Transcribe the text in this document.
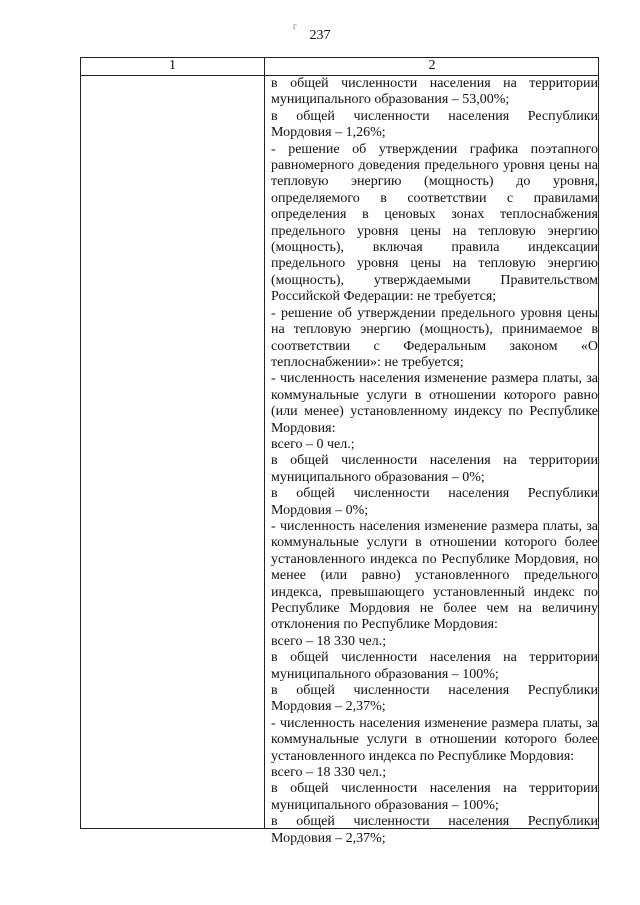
237
г
1	2

в общей численности населения на территории муниципального образования – 53,00%;

в общей численности населения Республики Мордовия – 1,26%;

- решение об утверждении графика поэтапного равномерного доведения предельного уровня цены на тепловую энергию (мощность) до уровня, определяемого в соответствии с правилами определения в ценовых зонах теплоснабжения предельного уровня цены на тепловую энергию (мощность), включая правила индексации предельного уровня цены на тепловую энергию (мощность), утверждаемыми Правительством Российской Федерации: не требуется;

- решение об утверждении предельного уровня цены на тепловую энергию (мощность), принимаемое в соответствии с Федеральным законом «О теплоснабжении»: не требуется;

- численность населения изменение размера платы, за коммунальные услуги в отношении которого равно (или менее) установленному индексу по Республике Мордовия:

всего – 0 чел.;

в общей численности населения на территории муниципального образования – 0%;

в общей численности населения Республики Мордовия – 0%;

- численность населения изменение размера платы, за коммунальные услуги в отношении которого более установленного индекса по Республике Мордовия, но менее (или равно) установленного предельного индекса, превышающего установленный индекс по Республике Мордовия не более чем на величину отклонения по Республике Мордовия:

всего – 18 330 чел.;

в общей численности населения на территории муниципального образования – 100%;

в общей численности населения Республики Мордовия – 2,37%;

- численность населения изменение размера платы, за коммунальные услуги в отношении которого более установленного индекса по Республике Мордовия:

всего – 18 330 чел.;

в общей численности населения на территории муниципального образования – 100%;

в общей численности населения Республики Мордовия – 2,37%;
